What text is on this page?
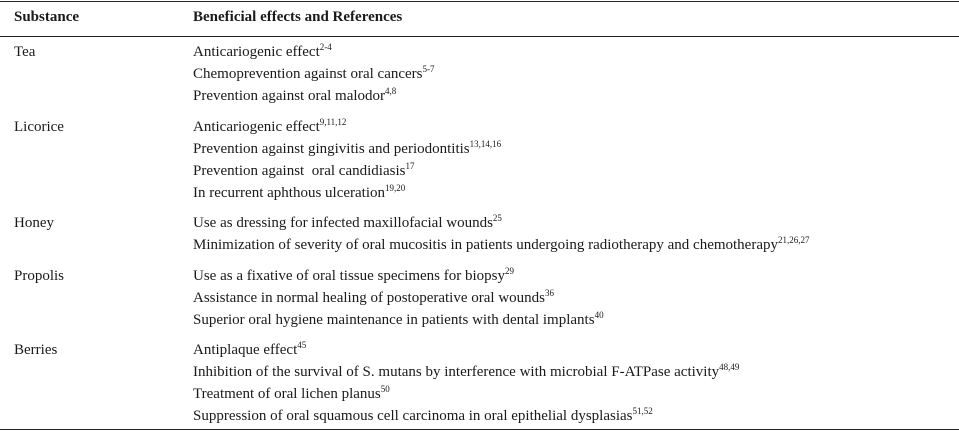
Substance	Beneficial effects and References
Tea	Anticariogenic effect$^{2-4}$
Chemoprevention against oral cancers$^{5-7}$
Prevention against oral malodor$^{4,8}$
Licorice	Anticariogenic effect$^{9,11,12}$
Prevention against gingivitis and periodontitis$^{13,14,16}$
Prevention against  oral candidiasis$^{17}$
In recurrent aphthous ulceration$^{19,20}$
Honey	Use as dressing for infected maxillofacial wounds$^{25}$
Minimization of severity of oral mucositis in patients undergoing radiotherapy and chemotherapy$^{21,26,27}$
Propolis	Use as a fixative of oral tissue specimens for biopsy$^{29}$
Assistance in normal healing of postoperative oral wounds$^{36}$
Superior oral hygiene maintenance in patients with dental implants$^{40}$
Berries	Antiplaque effect$^{45}$
Inhibition of the survival of S. mutans by interference with microbial F-ATPase activity$^{48,49}$
Treatment of oral lichen planus$^{50}$
Suppression of oral squamous cell carcinoma in oral epithelial dysplasias$^{51,52}$
